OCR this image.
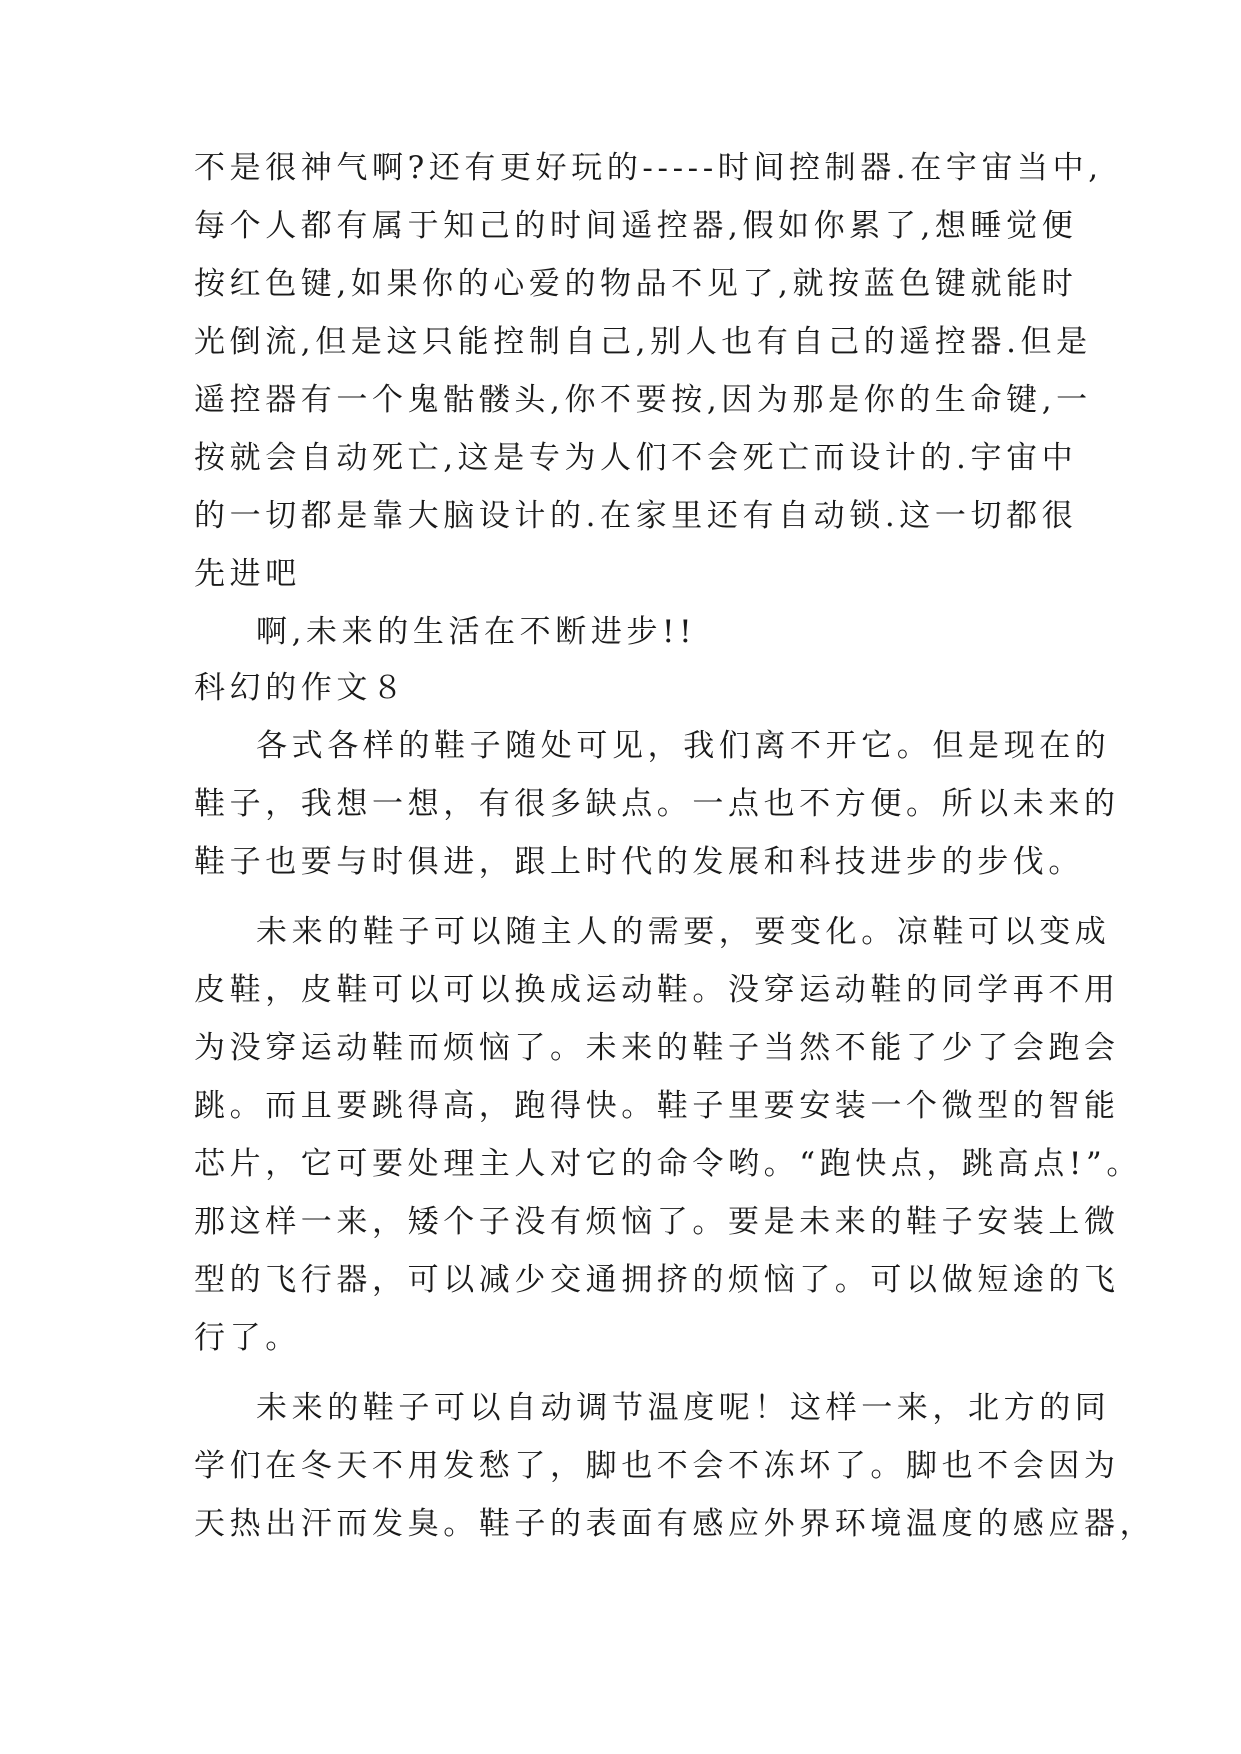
不是很神气啊?还有更好玩的-----时间控制器.在宇宙当中,

每个人都有属于知己的时间遥控器,假如你累了,想睡觉便

按红色键,如果你的心爱的物品不见了,就按蓝色键就能时

光倒流,但是这只能控制自己,别人也有自己的遥控器.但是

遥控器有一个鬼骷髅头,你不要按,因为那是你的生命键,一

按就会自动死亡,这是专为人们不会死亡而设计的.宇宙中

的一切都是靠大脑设计的.在家里还有自动锁.这一切都很

先进吧

啊,未来的生活在不断进步!!

科幻的作文８

各式各样的鞋子随处可见，我们离不开它。但是现在的

鞋子，我想一想，有很多缺点。一点也不方便。所以未来的

鞋子也要与时俱进，跟上时代的发展和科技进步的步伐。

未来的鞋子可以随主人的需要，要变化。凉鞋可以变成

皮鞋，皮鞋可以可以换成运动鞋。没穿运动鞋的同学再不用

为没穿运动鞋而烦恼了。未来的鞋子当然不能了少了会跑会

跳。而且要跳得高，跑得快。鞋子里要安装一个微型的智能

芯片，它可要处理主人对它的命令哟。“跑快点，跳高点!”。

那这样一来，矮个子没有烦恼了。要是未来的鞋子安装上微

型的飞行器，可以减少交通拥挤的烦恼了。可以做短途的飞

行了。

未来的鞋子可以自动调节温度呢！这样一来，北方的同

学们在冬天不用发愁了，脚也不会不冻坏了。脚也不会因为

天热出汗而发臭。鞋子的表面有感应外界环境温度的感应器，
